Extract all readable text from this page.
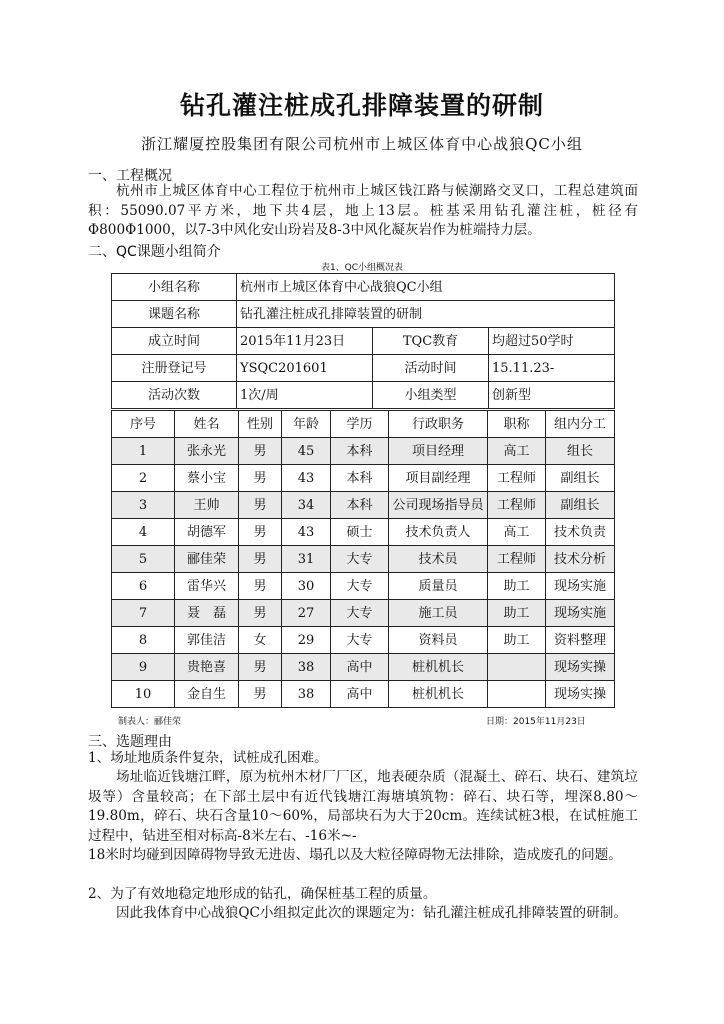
钻孔灌注桩成孔排障装置的研制
浙江耀厦控股集团有限公司杭州市上城区体育中心战狼QC小组
一、工程概况
杭州市上城区体育中心工程位于杭州市上城区钱江路与候潮路交叉口，工程总建筑面积：55090.07平方米，地下共4层，地上13层。桩基采用钻孔灌注桩，桩径有Φ800Φ1000，以7-3中风化安山玢岩及8-3中风化凝灰岩作为桩端持力层。
二、QC课题小组简介
表1、QC小组概况表
小组名称	杭州市上城区体育中心战狼QC小组		
课题名称	钻孔灌注桩成孔排障装置的研制		
成立时间	2015年11月23日	TQC教育	均超过50学时
注册登记号	YSQC201601	活动时间	15.11.23-
活动次数	1次/周	小组类型	创新型
序号	姓名	性别	年龄	学历	行政职务	职称	组内分工

1	张永光	男	45	本科	项目经理	高工	组长

2	蔡小宝	男	43	本科	项目副经理	工程师	副组长

3	王帅	男	34	本科	公司现场指导员	工程师	副组长

4	胡德军	男	43	硕士	技术负责人	高工	技术负责

5	郦佳荣	男	31	大专	技术员	工程师	技术分析

6	雷华兴	男	30	大专	质量员	助工	现场实施

7	聂　磊	男	27	大专	施工员	助工	现场实施

8	郭佳洁	女	29	大专	资料员	助工	资料整理

9	贵艳喜	男	38	高中	桩机机长		现场实操

10	金自生	男	38	高中	桩机机长		现场实操
制表人：郦佳荣	日期：2015年11月23日
三、选题理由
1、场址地质条件复杂，试桩成孔困难。
场址临近钱塘江畔，原为杭州木材厂厂区，地表硬杂质（混凝土、碎石、块石、建筑垃圾等）含量较高；在下部土层中有近代钱塘江海塘填筑物：碎石、块石等，埋深8.80～19.80m，碎石、块石含量10～60%，局部块石为大于20cm。连续试桩3根，在试桩施工过程中，钻进至相对标高-8米左右、-16米~-
18米时均碰到因障碍物导致无进齿、塌孔以及大粒径障碍物无法排除，造成废孔的问题。
2、为了有效地稳定地形成的钻孔，确保桩基工程的质量。
因此我体育中心战狼QC小组拟定此次的课题定为：钻孔灌注桩成孔排障装置的研制。
